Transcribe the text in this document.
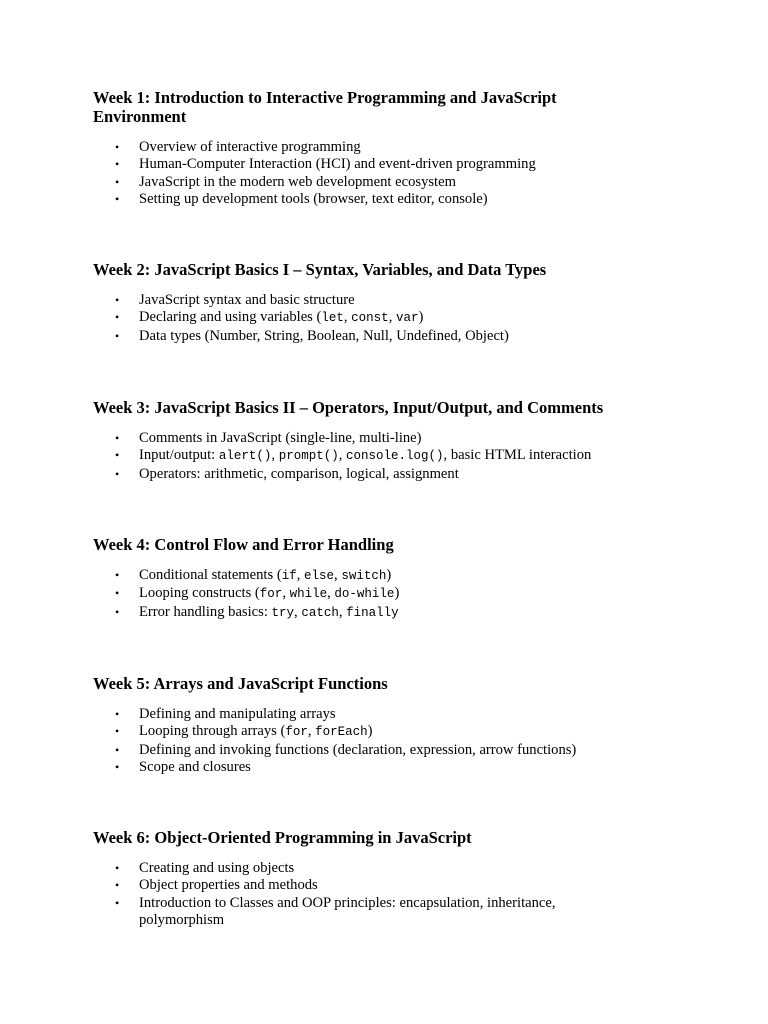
Week 1: Introduction to Interactive Programming and JavaScript Environment
• Overview of interactive programming
• Human-Computer Interaction (HCI) and event-driven programming
• JavaScript in the modern web development ecosystem
• Setting up development tools (browser, text editor, console)
Week 2: JavaScript Basics I – Syntax, Variables, and Data Types
• JavaScript syntax and basic structure
• Declaring and using variables (let, const, var)
• Data types (Number, String, Boolean, Null, Undefined, Object)
Week 3: JavaScript Basics II – Operators, Input/Output, and Comments
• Comments in JavaScript (single-line, multi-line)
• Input/output: alert(), prompt(), console.log(), basic HTML interaction
• Operators: arithmetic, comparison, logical, assignment
Week 4: Control Flow and Error Handling
• Conditional statements (if, else, switch)
• Looping constructs (for, while, do-while)
• Error handling basics: try, catch, finally
Week 5: Arrays and JavaScript Functions
• Defining and manipulating arrays
• Looping through arrays (for, forEach)
• Defining and invoking functions (declaration, expression, arrow functions)
• Scope and closures
Week 6: Object-Oriented Programming in JavaScript
• Creating and using objects
• Object properties and methods
• Introduction to Classes and OOP principles: encapsulation, inheritance, polymorphism
